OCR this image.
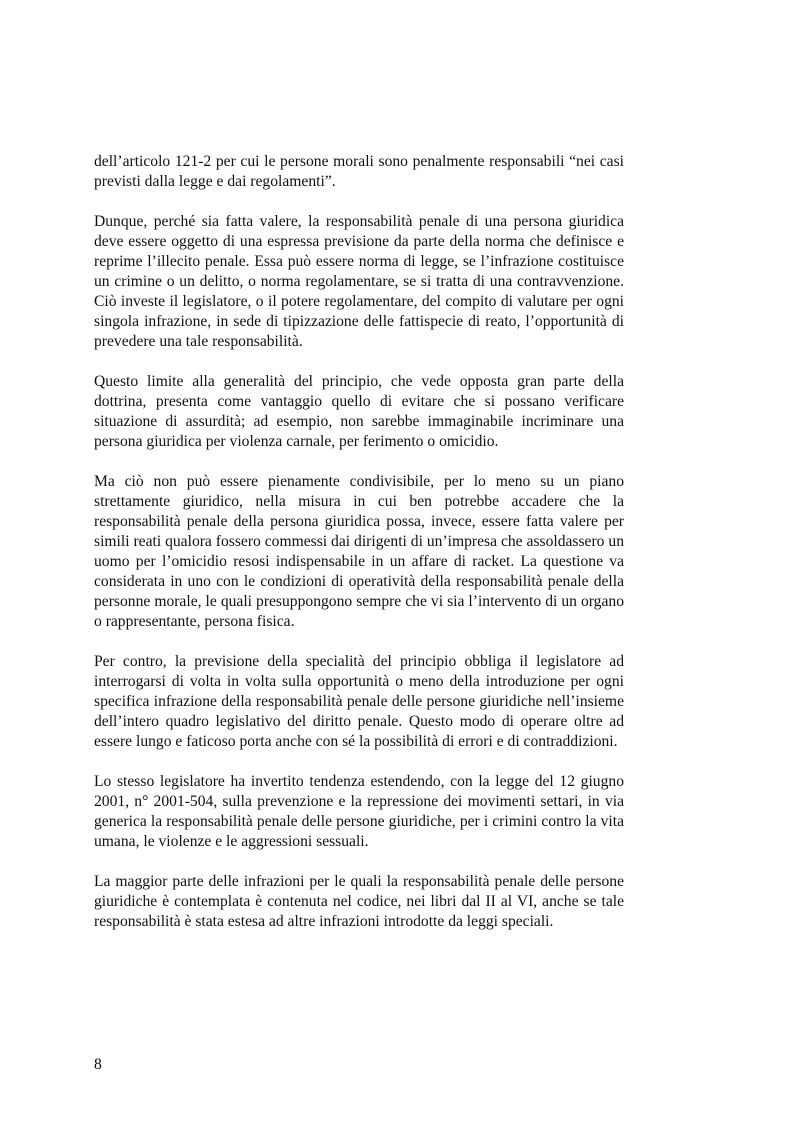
dell’articolo 121-2 per cui le persone morali sono penalmente responsabili “nei casi previsti dalla legge e dai regolamenti”.

Dunque, perché sia fatta valere, la responsabilità penale di una persona giuridica deve essere oggetto di una espressa previsione da parte della norma che definisce e reprime l’illecito penale. Essa può essere norma di legge, se l’infrazione costituisce un crimine o un delitto, o norma regolamentare, se si tratta di una contravvenzione. Ciò investe il legislatore, o il potere regolamentare, del compito di valutare per ogni singola infrazione, in sede di tipizzazione delle fattispecie di reato, l’opportunità di prevedere una tale responsabilità.

Questo limite alla generalità del principio, che vede opposta gran parte della dottrina, presenta come vantaggio quello di evitare che si possano verificare situazione di assurdità; ad esempio, non sarebbe immaginabile incriminare una persona giuridica per violenza carnale, per ferimento o omicidio.

Ma ciò non può essere pienamente condivisibile, per lo meno su un piano strettamente giuridico, nella misura in cui ben potrebbe accadere che la responsabilità penale della persona giuridica possa, invece, essere fatta valere per simili reati qualora fossero commessi dai dirigenti di un’impresa che assoldassero un uomo per l’omicidio resosi indispensabile in un affare di racket. La questione va considerata in uno con le condizioni di operatività della responsabilità penale della personne morale, le quali presuppongono sempre che vi sia l’intervento di un organo o rappresentante, persona fisica.

Per contro, la previsione della specialità del principio obbliga il legislatore ad interrogarsi di volta in volta sulla opportunità o meno della introduzione per ogni specifica infrazione della responsabilità penale delle persone giuridiche nell’insieme dell’intero quadro legislativo del diritto penale. Questo modo di operare oltre ad essere lungo e faticoso porta anche con sé la possibilità di errori e di contraddizioni.

Lo stesso legislatore ha invertito tendenza estendendo, con la legge del 12 giugno 2001, n° 2001-504, sulla prevenzione e la repressione dei movimenti settari, in via generica la responsabilità penale delle persone giuridiche, per i crimini contro la vita umana, le violenze e le aggressioni sessuali.

La maggior parte delle infrazioni per le quali la responsabilità penale delle persone giuridiche è contemplata è contenuta nel codice, nei libri dal II al VI, anche se tale responsabilità è stata estesa ad altre infrazioni introdotte da leggi speciali.

8
